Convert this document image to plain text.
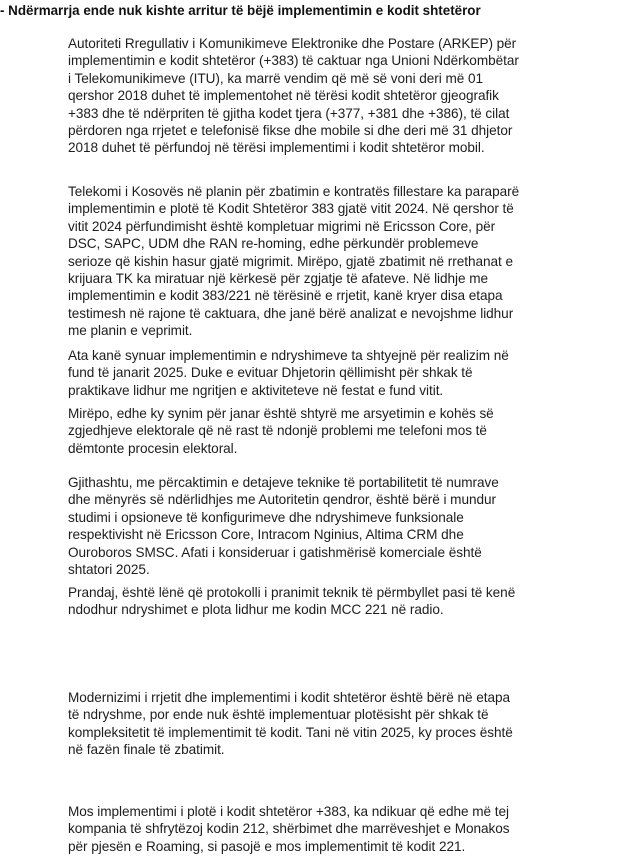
- Ndërmarrja ende nuk kishte arritur të bëjë implementimin e kodit shtetëror

Autoriteti Rregullativ i Komunikimeve Elektronike dhe Postare (ARKEP) për
implementimin e kodit shtetëror (+383) të caktuar nga Unioni Ndërkombëtar
i Telekomunikimeve (ITU), ka marrë vendim që më së voni deri më 01
qershor 2018 duhet të implementohet në tërësi kodit shtetëror gjeografik
+383 dhe të ndërpriten të gjitha kodet tjera (+377, +381 dhe +386), të cilat
përdoren nga rrjetet e telefonisë fikse dhe mobile si dhe deri më 31 dhjetor
2018 duhet të përfundoj në tërësi implementimi i kodit shtetëror mobil.

Telekomi i Kosovës në planin për zbatimin e kontratës fillestare ka paraparë
implementimin e plotë të Kodit Shtetëror 383 gjatë vitit 2024. Në qershor të
vitit 2024 përfundimisht është kompletuar migrimi në Ericsson Core, për
DSC, SAPC, UDM dhe RAN re-homing, edhe përkundër problemeve
serioze që kishin hasur gjatë migrimit. Mirëpo, gjatë zbatimit në rrethanat e
krijuara TK ka miratuar një kërkesë për zgjatje të afateve. Në lidhje me
implementimin e kodit 383/221 në tërësinë e rrjetit, kanë kryer disa etapa
testimesh në rajone të caktuara, dhe janë bërë analizat e nevojshme lidhur
me planin e veprimit.

Ata kanë synuar implementimin e ndryshimeve ta shtyejnë për realizim në
fund të janarit 2025. Duke e evituar Dhjetorin qëllimisht për shkak të
praktikave lidhur me ngritjen e aktiviteteve në festat e fund vitit.

Mirëpo, edhe ky synim për janar është shtyrë me arsyetimin e kohës së
zgjedhjeve elektorale që në rast të ndonjë problemi me telefoni mos të
dëmtonte procesin elektoral.

Gjithashtu, me përcaktimin e detajeve teknike të portabilitetit të numrave
dhe mënyrës së ndërlidhjes me Autoritetin qendror, është bërë i mundur
studimi i opsioneve të konfigurimeve dhe ndryshimeve funksionale
respektivisht në Ericsson Core, Intracom Nginius, Altima CRM dhe
Ouroboros SMSC. Afati i konsideruar i gatishmërisë komerciale është
shtatori 2025.

Prandaj, është lënë që protokolli i pranimit teknik të përmbyllet pasi të kenë
ndodhur ndryshimet e plota lidhur me kodin MCC 221 në radio.

Modernizimi i rrjetit dhe implementimi i kodit shtetëror është bërë në etapa
të ndryshme, por ende nuk është implementuar plotësisht për shkak të
kompleksitetit të implementimit të kodit. Tani në vitin 2025, ky proces është
në fazën finale të zbatimit.

Mos implementimi i plotë i kodit shtetëror +383, ka ndikuar që edhe më tej
kompania të shfrytëzoj kodin 212, shërbimet dhe marrëveshjet e Monakos
për pjesën e Roaming, si pasojë e mos implementimit të kodit 221.
